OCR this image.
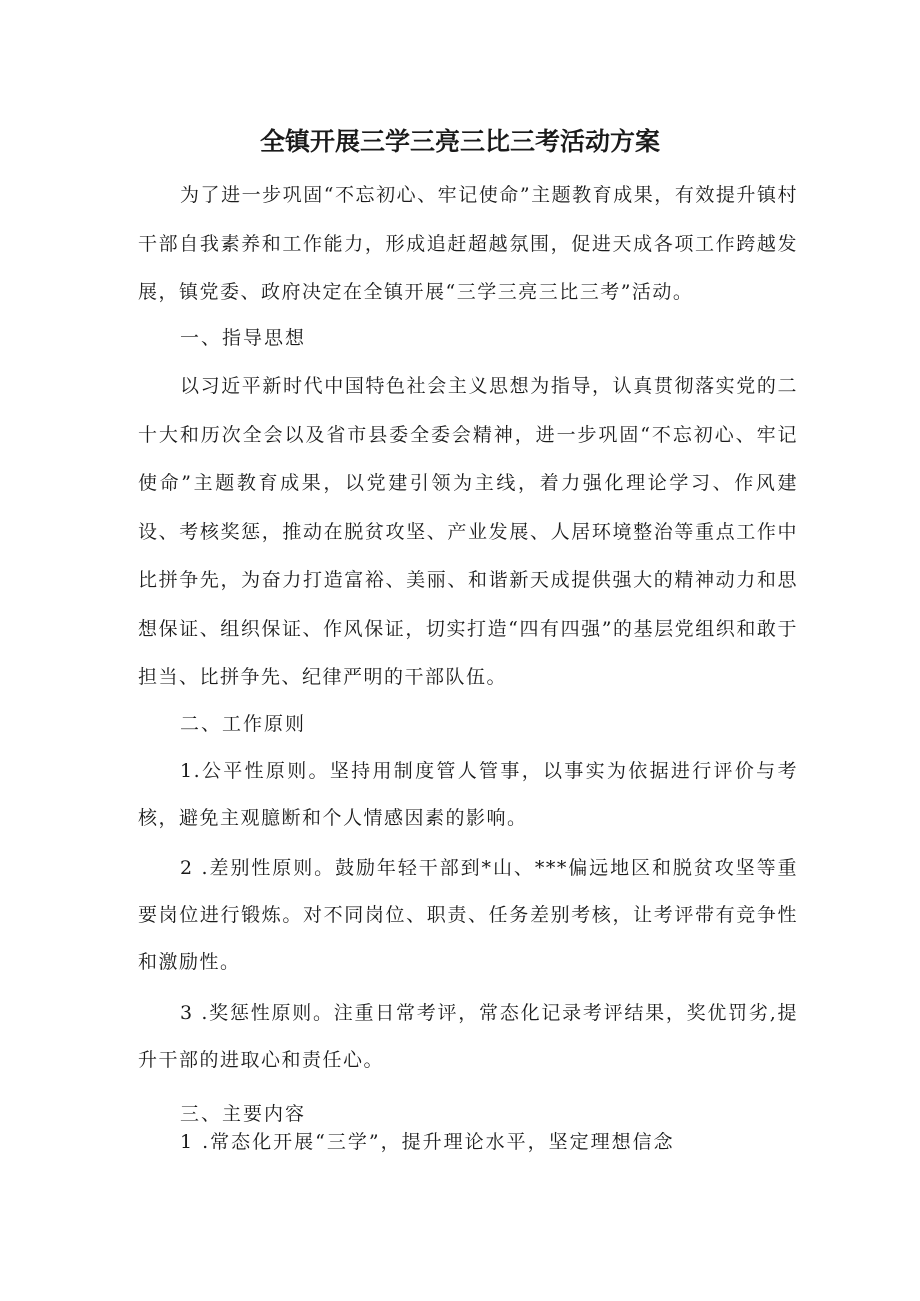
全镇开展三学三亮三比三考活动方案

为了进一步巩固“不忘初心、牢记使命”主题教育成果，有效提升镇村干部自我素养和工作能力，形成追赶超越氛围，促进天成各项工作跨越发展，镇党委、政府决定在全镇开展“三学三亮三比三考”活动。

一、指导思想

以习近平新时代中国特色社会主义思想为指导，认真贯彻落实党的二十大和历次全会以及省市县委全委会精神，进一步巩固“不忘初心、牢记使命”主题教育成果，以党建引领为主线，着力强化理论学习、作风建设、考核奖惩，推动在脱贫攻坚、产业发展、人居环境整治等重点工作中比拼争先，为奋力打造富裕、美丽、和谐新天成提供强大的精神动力和思想保证、组织保证、作风保证，切实打造“四有四强”的基层党组织和敢于担当、比拼争先、纪律严明的干部队伍。

二、工作原则

1.公平性原则。坚持用制度管人管事，以事实为依据进行评价与考核，避免主观臆断和个人情感因素的影响。

2 .差别性原则。鼓励年轻干部到*山、***偏远地区和脱贫攻坚等重要岗位进行锻炼。对不同岗位、职责、任务差别考核，让考评带有竞争性和激励性。

3 .奖惩性原则。注重日常考评，常态化记录考评结果，奖优罚劣,提升干部的进取心和责任心。

三、主要内容

1 .常态化开展“三学”，提升理论水平，坚定理想信念
